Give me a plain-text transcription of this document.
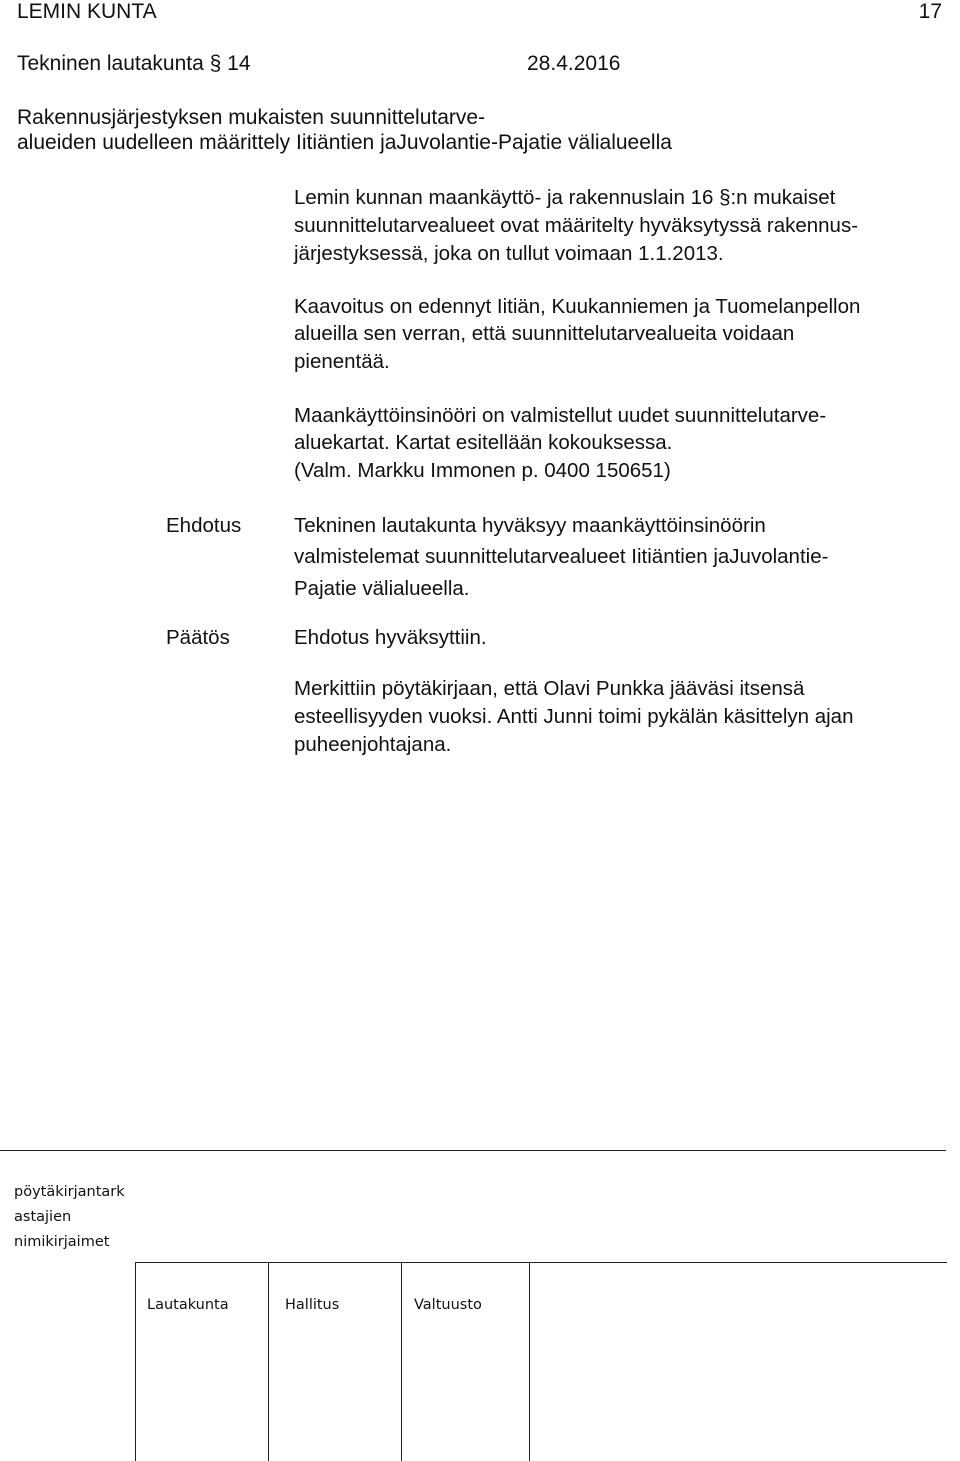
LEMIN KUNTA	17
Tekninen lautakunta § 14	28.4.2016
Rakennusjärjestyksen mukaisten suunnittelutarve-
alueiden uudelleen määrittely Iitiäntien jaJuvolantie-Pajatie välialueella
Lemin kunnan maankäyttö- ja rakennuslain 16 §:n mukaiset
suunnittelutarvealueet ovat määritelty hyväksytyssä rakennus-
järjestyksessä, joka on tullut voimaan 1.1.2013.
Kaavoitus on edennyt Iitiän, Kuukanniemen ja Tuomelanpellon
alueilla sen verran, että suunnittelutarvealueita voidaan
pienentää.
Maankäyttöinsinööri on valmistellut uudet suunnittelutarve-
aluekartat. Kartat esitellään kokouksessa.
(Valm. Markku Immonen p. 0400 150651)
Ehdotus	Tekninen lautakunta hyväksyy maankäyttöinsinöörin
valmistelemat suunnittelutarvealueet Iitiäntien jaJuvolantie-
Pajatie välialueella.
Päätös	Ehdotus hyväksyttiin.
Merkittiin pöytäkirjaan, että Olavi Punkka jääväsi itsensä
esteellisyyden vuoksi. Antti Junni toimi pykälän käsittelyn ajan
puheenjohtajana.
pöytäkirjantark
astajien
nimikirjaimet
Lautakunta	Hallitus	Valtuusto
